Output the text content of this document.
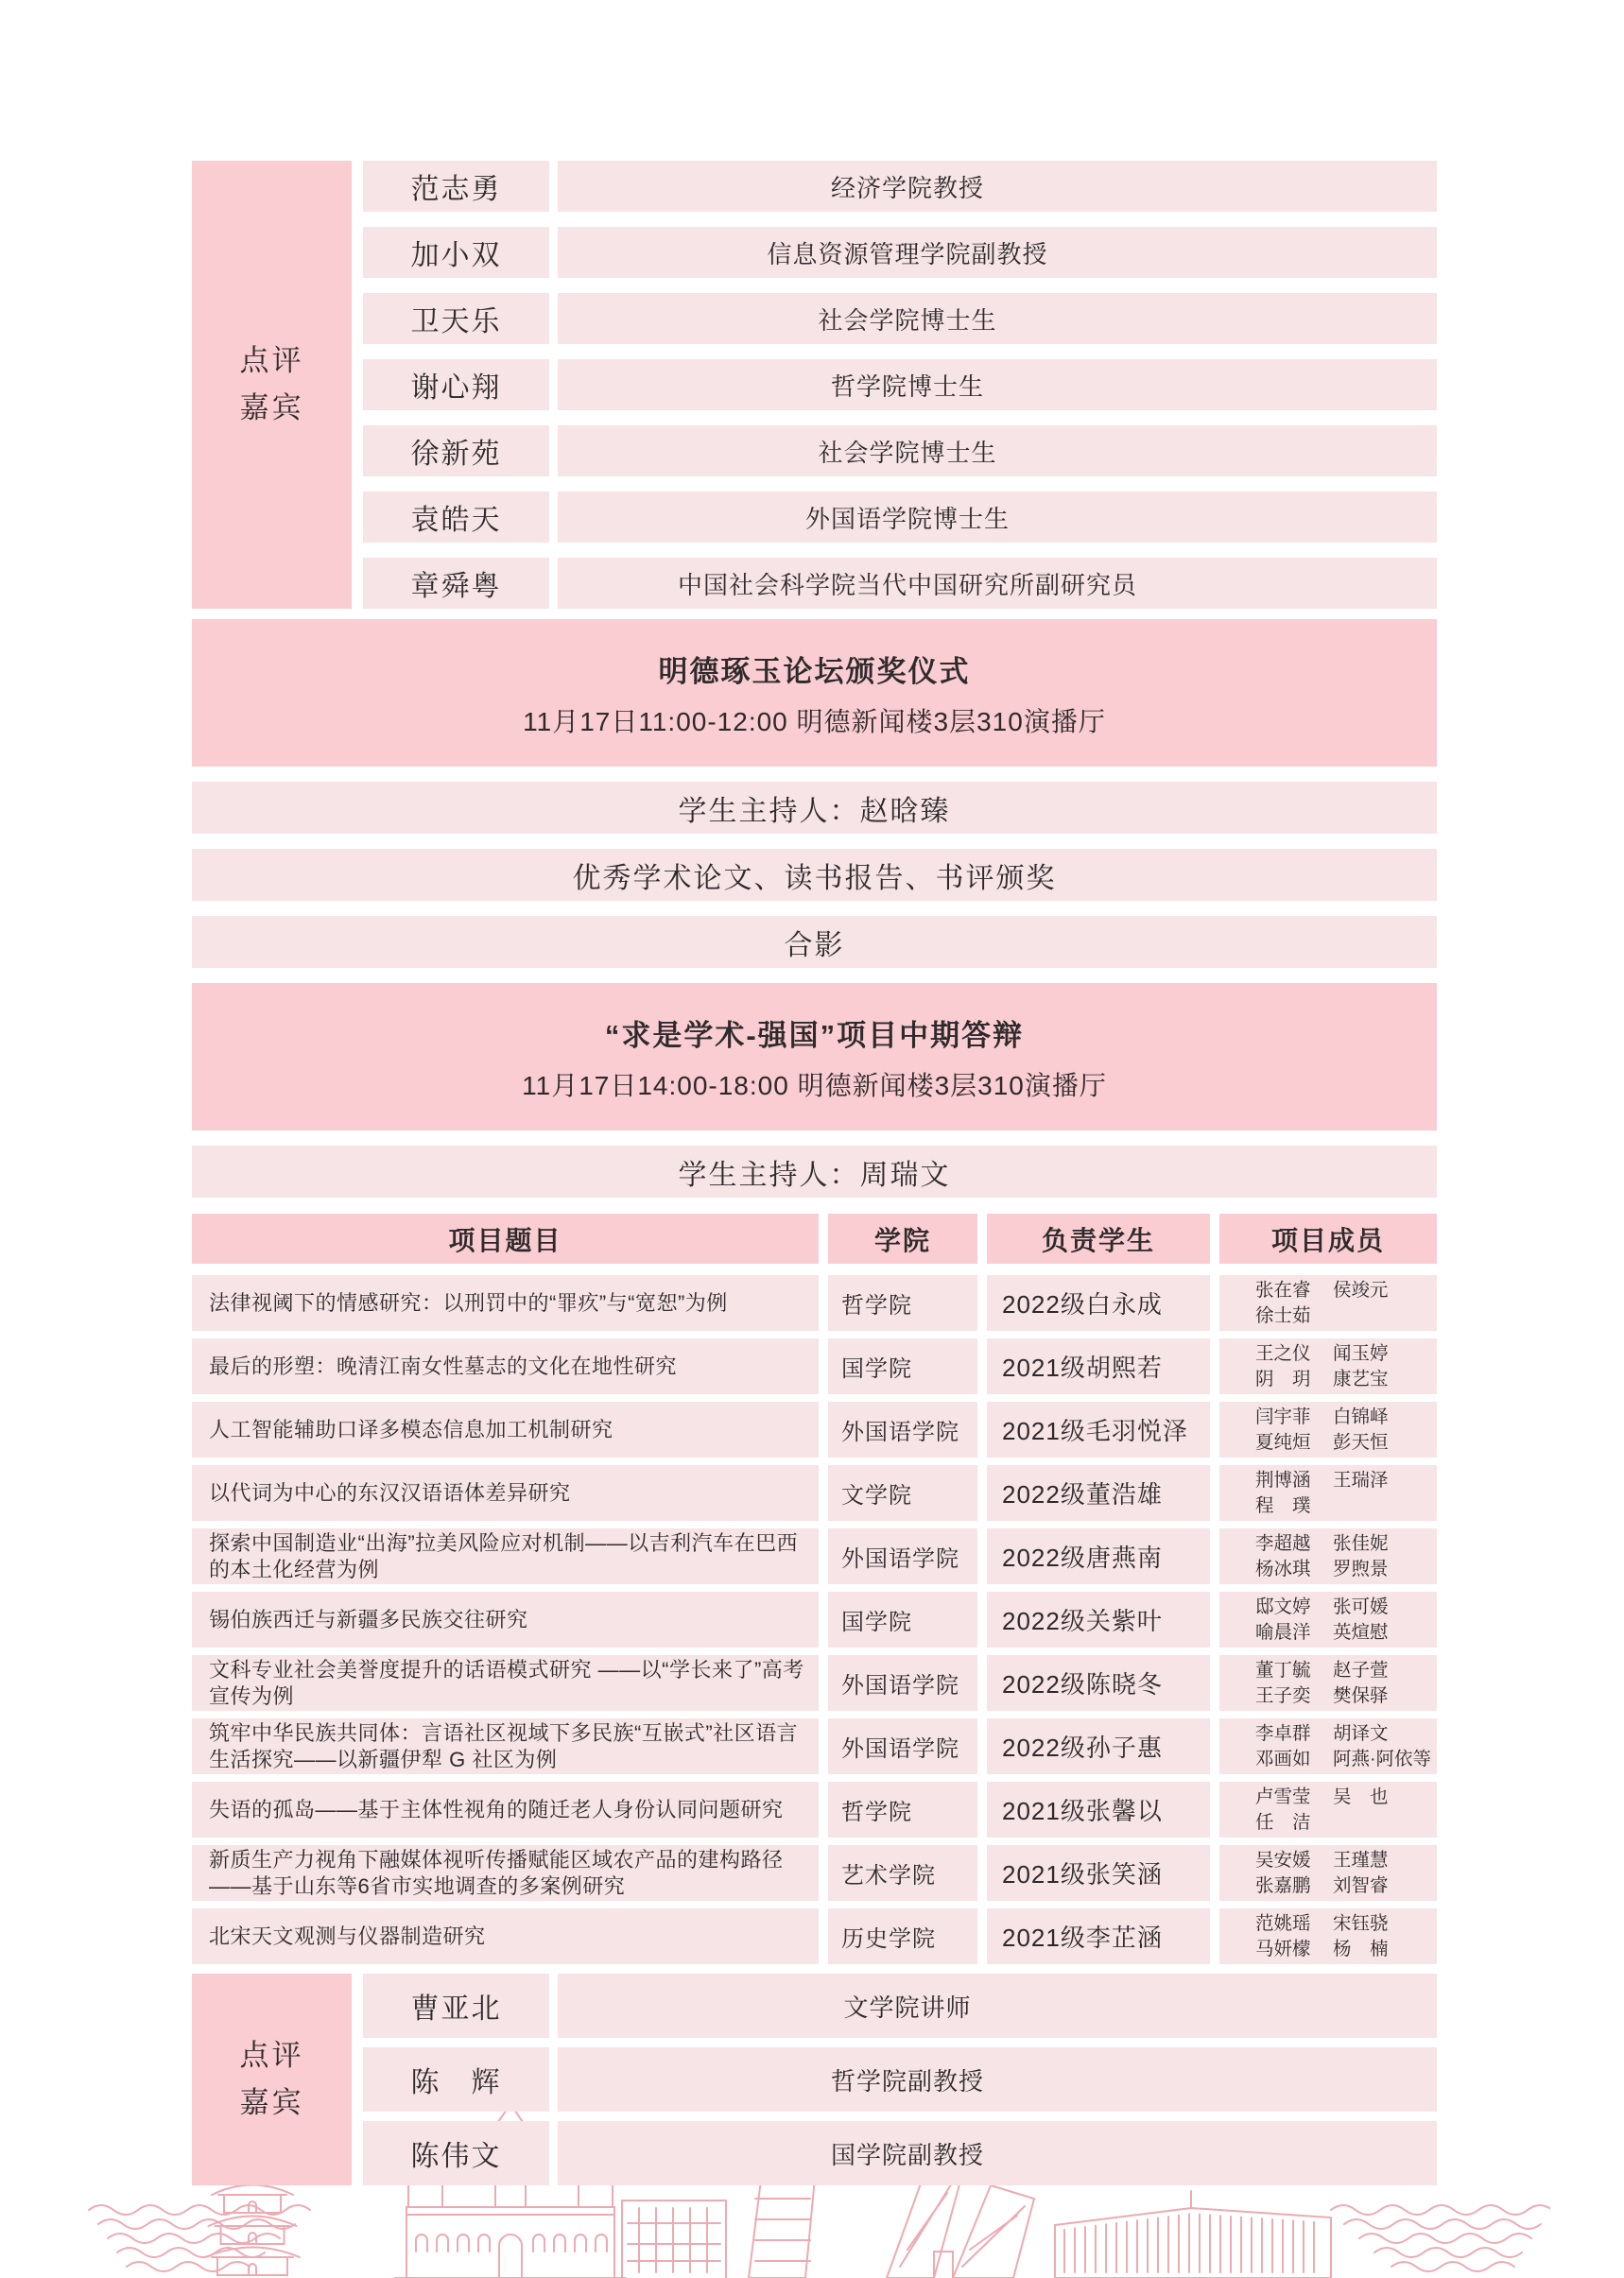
点评
嘉宾
范志勇	经济学院教授
加小双	信息资源管理学院副教授
卫天乐	社会学院博士生
谢心翔	哲学院博士生
徐新苑	社会学院博士生
袁皓天	外国语学院博士生
章舜粤	中国社会科学院当代中国研究所副研究员
明德琢玉论坛颁奖仪式
11月17日11:00-12:00 明德新闻楼3层310演播厅
学生主持人：赵晗臻
优秀学术论文、读书报告、书评颁奖
合影
“求是学术-强国”项目中期答辩
11月17日14:00-18:00 明德新闻楼3层310演播厅
学生主持人：周瑞文
项目题目	学院	负责学生	项目成员
法律视阈下的情感研究：以刑罚中的“罪疚”与“宽恕”为例	哲学院	2022级白永成	张在睿 侯竣元
徐士茹
最后的形塑：晚清江南女性墓志的文化在地性研究	国学院	2021级胡熙若	王之仪 闻玉婷
阴　玥 康艺宝
人工智能辅助口译多模态信息加工机制研究	外国语学院	2021级毛羽悦泽	闫宇菲 白锦峄
夏纯烜 彭天恒
以代词为中心的东汉汉语语体差异研究	文学院	2022级董浩雄	荆博涵 王瑞泽
程　璞
探索中国制造业“出海”拉美风险应对机制——以吉利汽车在巴西的本土化经营为例	外国语学院	2022级唐燕南	李超越 张佳妮
杨冰琪 罗煦景
锡伯族西迁与新疆多民族交往研究	国学院	2022级关紫叶	邸文婷 张可媛
喻晨洋 英煊慰
文科专业社会美誉度提升的话语模式研究 ——以“学长来了”高考宣传为例	外国语学院	2022级陈晓冬	董丁毓 赵子萱
王子奕 樊保驿
筑牢中华民族共同体：言语社区视域下多民族“互嵌式”社区语言生活探究——以新疆伊犁 G 社区为例	外国语学院	2022级孙子惠	李卓群 胡译文
邓画如 阿燕·阿依等
失语的孤岛——基于主体性视角的随迁老人身份认同问题研究	哲学院	2021级张馨以	卢雪莹 吴　也
任　洁
新质生产力视角下融媒体视听传播赋能区域农产品的建构路径——基于山东等6省市实地调查的多案例研究	艺术学院	2021级张笑涵	吴安媛 王瑾慧
张嘉鹏 刘智睿
北宋天文观测与仪器制造研究	历史学院	2021级李芷涵	范姚瑶 宋钰骁
马妍檬 杨　楠
点评
嘉宾
曹亚北	文学院讲师
陈　辉	哲学院副教授
陈伟文	国学院副教授
